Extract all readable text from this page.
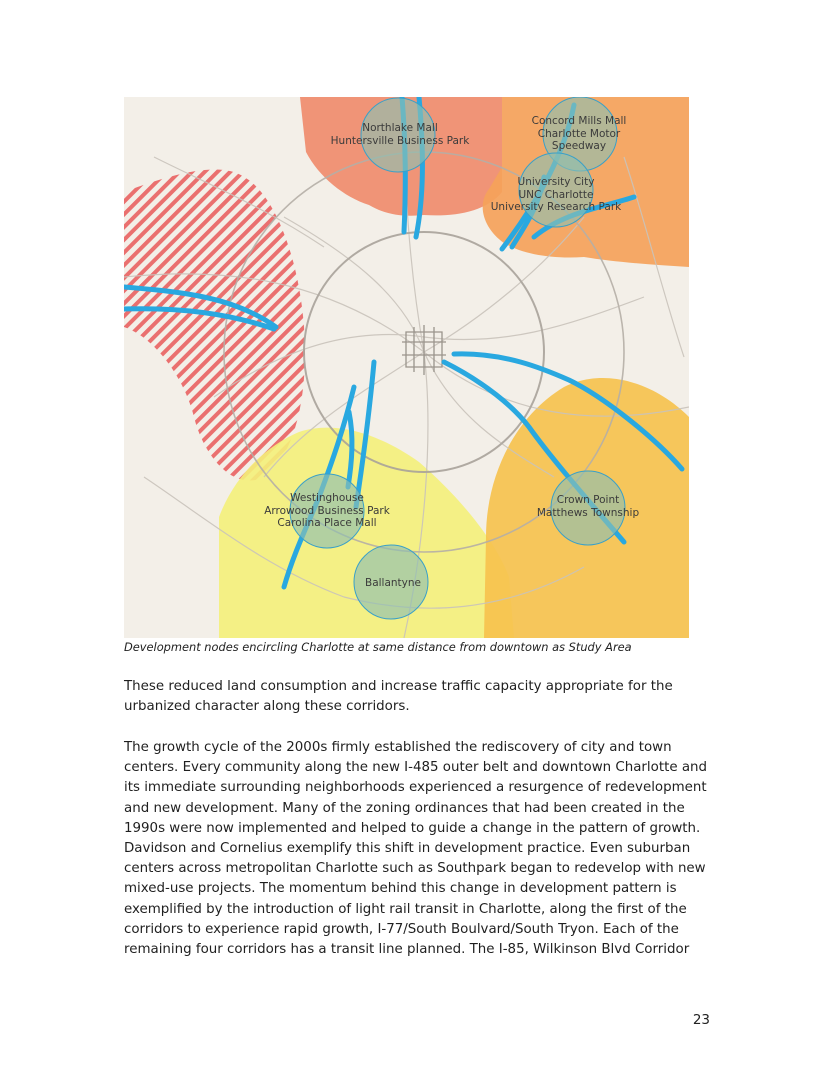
Northlake Mall
Huntersville Business Park
Concord Mills Mall
Charlotte Motor
Speedway
University City
UNC Charlotte
University Research Park
Westinghouse
Arrowood Business Park
Carolina Place Mall
Ballantyne
Crown Point
Matthews Township
Development nodes encircling Charlotte at same distance from downtown as Study Area

These reduced land consumption and increase traffic capacity appropriate for the urbanized character along these corridors.

The growth cycle of the 2000s firmly established the rediscovery of city and town centers. Every community along the new I-485 outer belt and downtown Charlotte and its immediate surrounding neighborhoods experienced a resurgence of redevelopment and new development. Many of the zoning ordinances that had been created in the 1990s were now implemented and helped to guide a change in the pattern of growth. Davidson and Cornelius exemplify this shift in development practice. Even suburban centers across metropolitan Charlotte such as Southpark began to redevelop with new mixed-use projects. The momentum behind this change in development pattern is exemplified by the introduction of light rail transit in Charlotte, along the first of the corridors to experience rapid growth, I-77/South Boulvard/South Tryon. Each of the remaining four corridors has a transit line planned. The I-85, Wilkinson Blvd Corridor

23
